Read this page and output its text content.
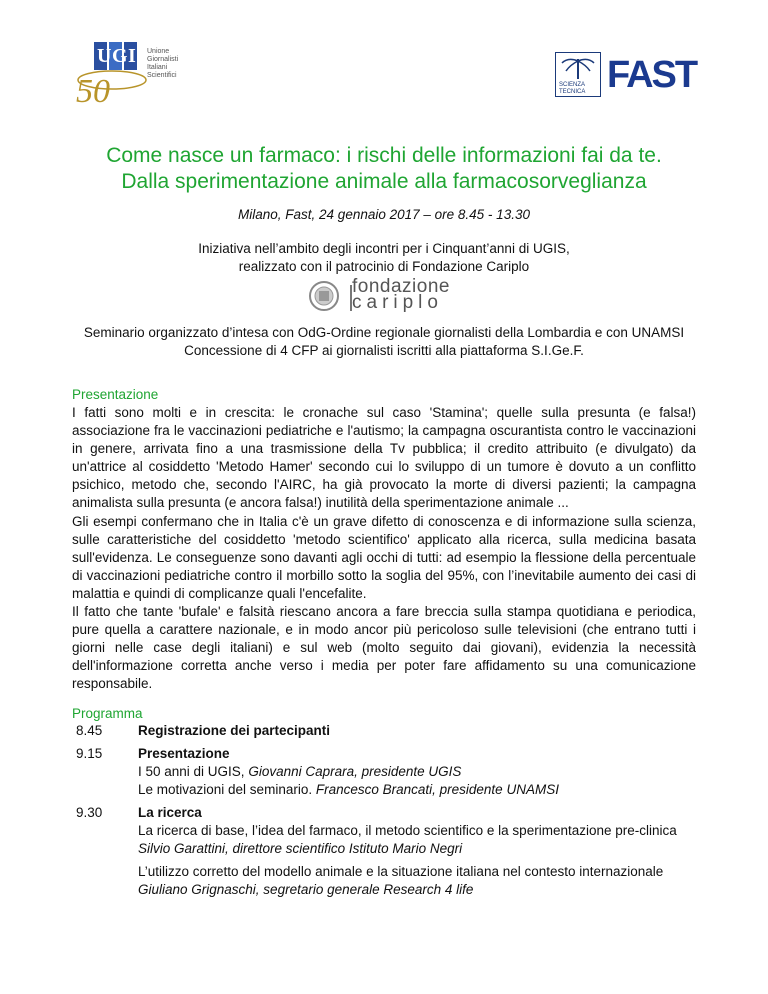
U G I
50
Unione
Giornalisti
Italiani
Scientifici
SCIENZA
TECNICA FAST
Come nasce un farmaco: i rischi delle informazioni fai da te.
Dalla sperimentazione animale alla farmacosorveglianza
Milano, Fast, 24 gennaio 2017 – ore 8.45 - 13.30
Iniziativa nell’ambito degli incontri per i Cinquant’anni di UGIS,
realizzato con il patrocinio di Fondazione Cariplo
fondazione
cariplo
Seminario organizzato d’intesa con OdG-Ordine regionale giornalisti della Lombardia e con UNAMSI
Concessione di 4 CFP ai giornalisti iscritti alla piattaforma S.I.Ge.F.
Presentazione

I fatti sono molti e in crescita: le cronache sul caso 'Stamina'; quelle sulla presunta (e falsa!) associazione fra le vaccinazioni pediatriche e l'autismo; la campagna oscurantista contro le vaccinazioni in genere, arrivata fino a una trasmissione della Tv pubblica; il credito attribuito (e divulgato) da un'attrice al cosiddetto 'Metodo Hamer' secondo cui lo sviluppo di un tumore è dovuto a un conflitto psichico, metodo che, secondo l'AIRC, ha già provocato la morte di diversi pazienti; la campagna animalista sulla presunta (e ancora falsa!) inutilità della sperimentazione animale ...

Gli esempi confermano che in Italia c'è un grave difetto di conoscenza e di informazione sulla scienza, sulle caratteristiche del cosiddetto 'metodo scientifico' applicato alla ricerca, sulla medicina basata sull'evidenza. Le conseguenze sono davanti agli occhi di tutti: ad esempio la flessione della percentuale di vaccinazioni pediatriche contro il morbillo sotto la soglia del 95%, con l’inevitabile aumento dei casi di malattia e quindi di complicanze quali l'encefalite.

Il fatto che tante 'bufale' e falsità riescano ancora a fare breccia sulla stampa quotidiana e periodica, pure quella a carattere nazionale, e in modo ancor più pericoloso sulle televisioni (che entrano tutti i giorni nelle case degli italiani) e sul web (molto seguito dai giovani), evidenzia la necessità dell'informazione corretta anche verso i media per poter fare affidamento su una comunicazione responsabile.

Programma
8.45	Registrazione dei partecipanti
9.15	Presentazione
I 50 anni di UGIS, Giovanni Caprara, presidente UGIS
Le motivazioni del seminario. Francesco Brancati, presidente UNAMSI
9.30	La ricerca
La ricerca di base, l’idea del farmaco, il metodo scientifico e la sperimentazione pre-clinica
Silvio Garattini, direttore scientifico Istituto Mario Negri
L’utilizzo corretto del modello animale e la situazione italiana nel contesto internazionale
Giuliano Grignaschi, segretario generale Research 4 life
